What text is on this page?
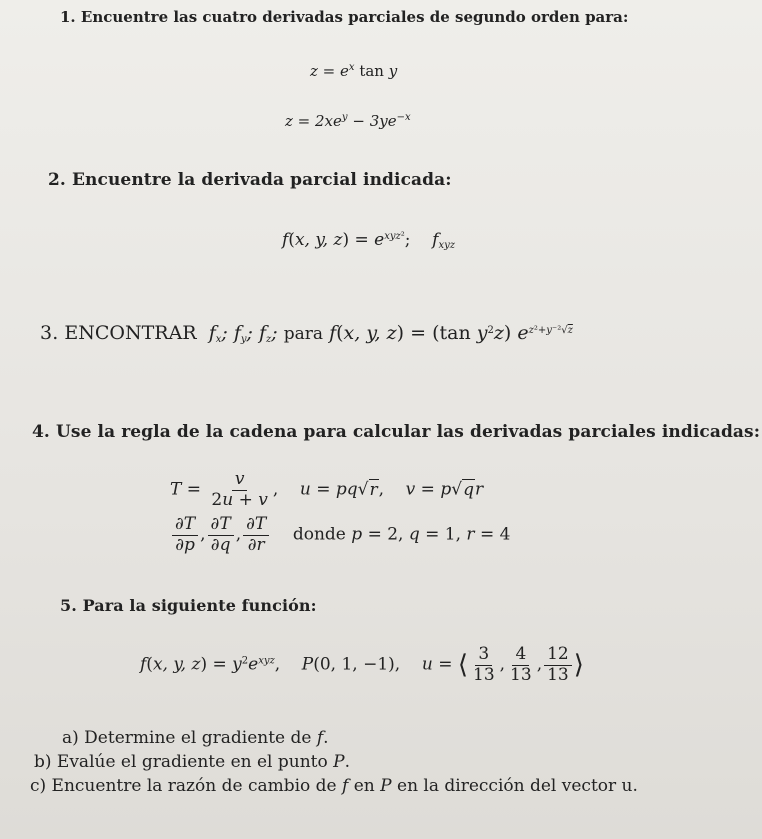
1. Encuentre las cuatro derivadas parciales de segundo orden para:
$z = e^x$ tan y
$z = 2xe^y - 3ye^{-x}$
2. Encuentre la derivada parcial indicada:
f(x, y, $z) = e^{xyz^2}$;    $f_{xyz}$
3. ENCONTRAR  $f_x$; $f_y$; $f_z$; para f(x, y, z) = (tan $y^2z$) $e^{z^2+y^{-2}√z}$
4. Use la regla de la cadena para calcular las derivadas parciales indicadas:
$T = \frac{v}{2u + v}$ ,    u = pq√r,    v = p√qr
$\frac{\partial T}{\partial p}$ , $\frac{\partial T}{\partial q}$ , $\frac{\partial T}{\partial r}$ donde p = 2, q = 1, r = 4
5. Para la siguiente función:
f(x, y, $z) = y^2e^{xyz}$,    P(0, 1, −1),    u = ⟨ $\frac{3}{13}$ , $\frac{4}{13}$ , $\frac{12}{13}$ ⟩
a) Determine el gradiente de f.
b) Evalúe el gradiente en el punto P.
c) Encuentre la razón de cambio de f en P en la dirección del vector u.
